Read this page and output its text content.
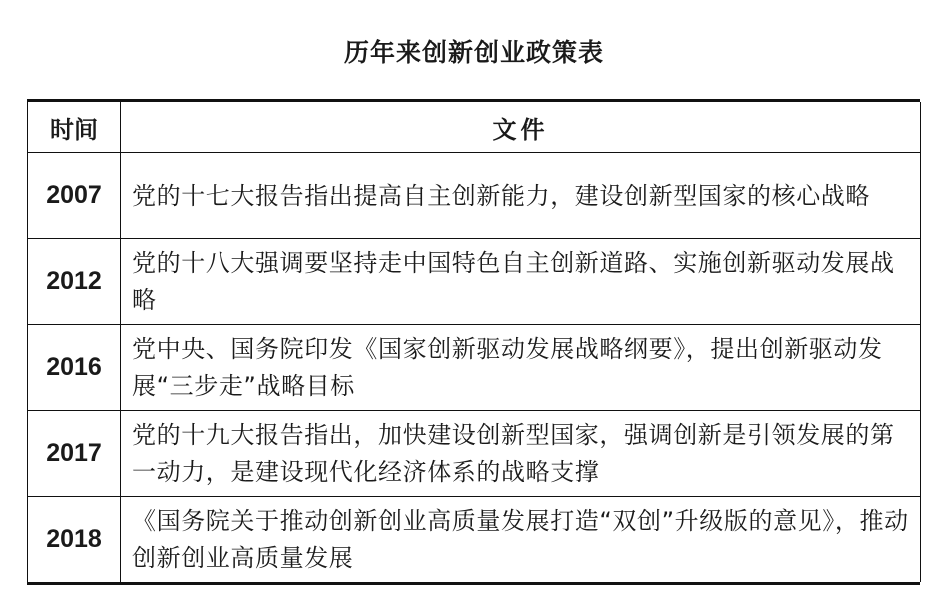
历年来创新创业政策表
时间	文件
2007	党的十七大报告指出提高自主创新能力，建设创新型国家的核心战略
2012	党的十八大强调要坚持走中国特色自主创新道路、实施创新驱动发展战略
2016	党中央、国务院印发《国家创新驱动发展战略纲要》，提出创新驱动发展“三步走”战略目标
2017	党的十九大报告指出，加快建设创新型国家，强调创新是引领发展的第一动力，是建设现代化经济体系的战略支撑
2018	《国务院关于推动创新创业高质量发展打造“双创”升级版的意见》，推动创新创业高质量发展
